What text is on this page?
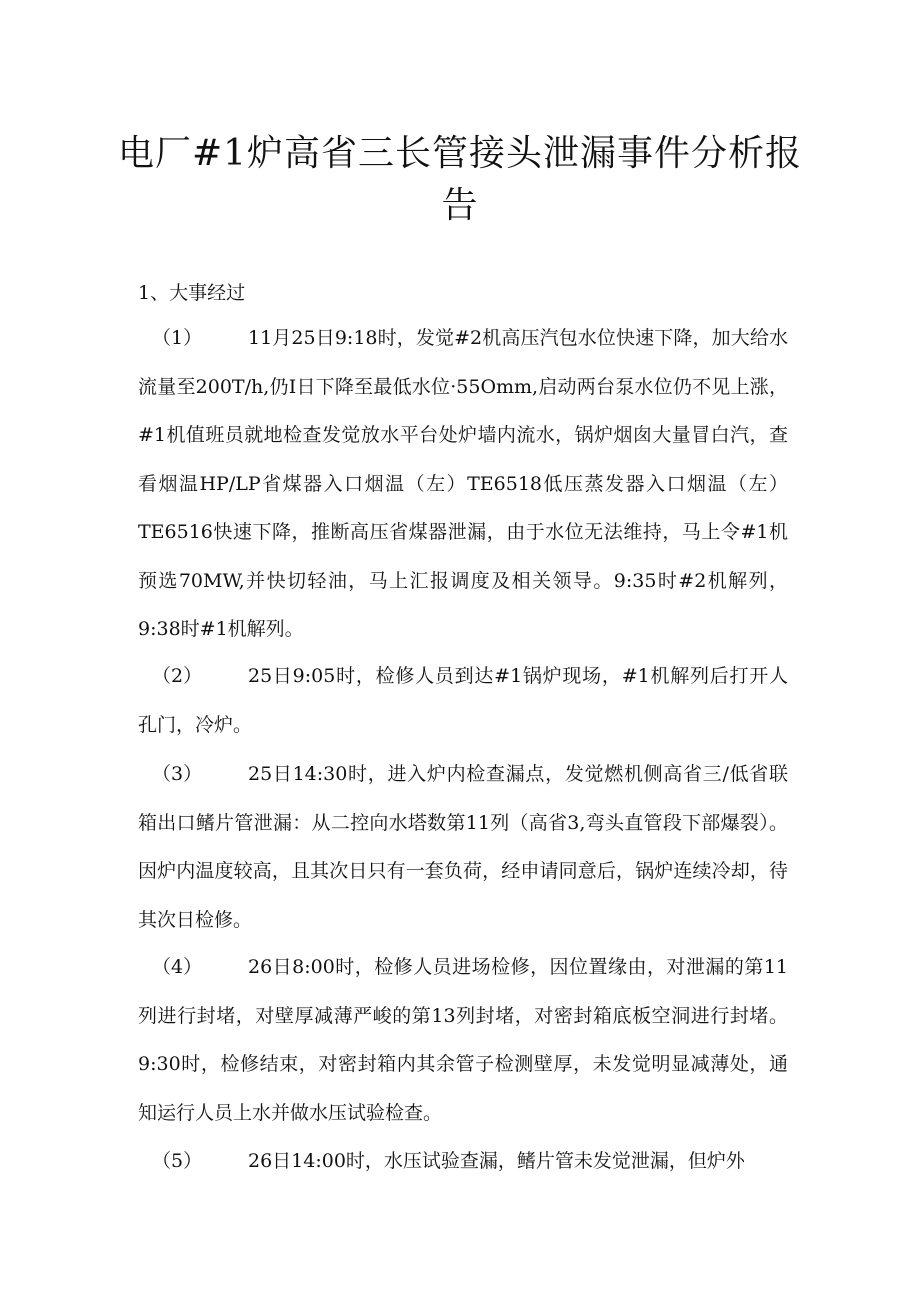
电厂#1炉高省三长管接头泄漏事件分析报告

1、大事经过

（1） 11月25日9:18时，发觉#2机高压汽包水位快速下降，加大给水流量至200T/h,仍I日下降至最低水位·55Omm,启动两台泵水位仍不见上涨，#1机值班员就地检查发觉放水平台处炉墙内流水，锅炉烟囱大量冒白汽，查看烟温HP/LP省煤器入口烟温（左）TE6518低压蒸发器入口烟温（左）TE6516快速下降，推断高压省煤器泄漏，由于水位无法维持，马上令#1机预选70MW,并快切轻油，马上汇报调度及相关领导。9:35时#2机解列，9:38时#1机解列。

（2） 25日9:05时，检修人员到达#1锅炉现场，#1机解列后打开人孔门，冷炉。

（3） 25日14:30时，进入炉内检查漏点，发觉燃机侧高省三/低省联箱出口鳍片管泄漏：从二控向水塔数第11列（高省3,弯头直管段下部爆裂）。因炉内温度较高，且其次日只有一套负荷，经申请同意后，锅炉连续冷却，待其次日检修。

（4） 26日8:00时，检修人员进场检修，因位置缘由，对泄漏的第11列进行封堵，对壁厚减薄严峻的第13列封堵，对密封箱底板空洞进行封堵。9:30时，检修结束，对密封箱内其余管子检测壁厚，未发觉明显减薄处，通知运行人员上水并做水压试验检查。

（5） 26日14:00时，水压试验查漏，鳍片管未发觉泄漏，但炉外
